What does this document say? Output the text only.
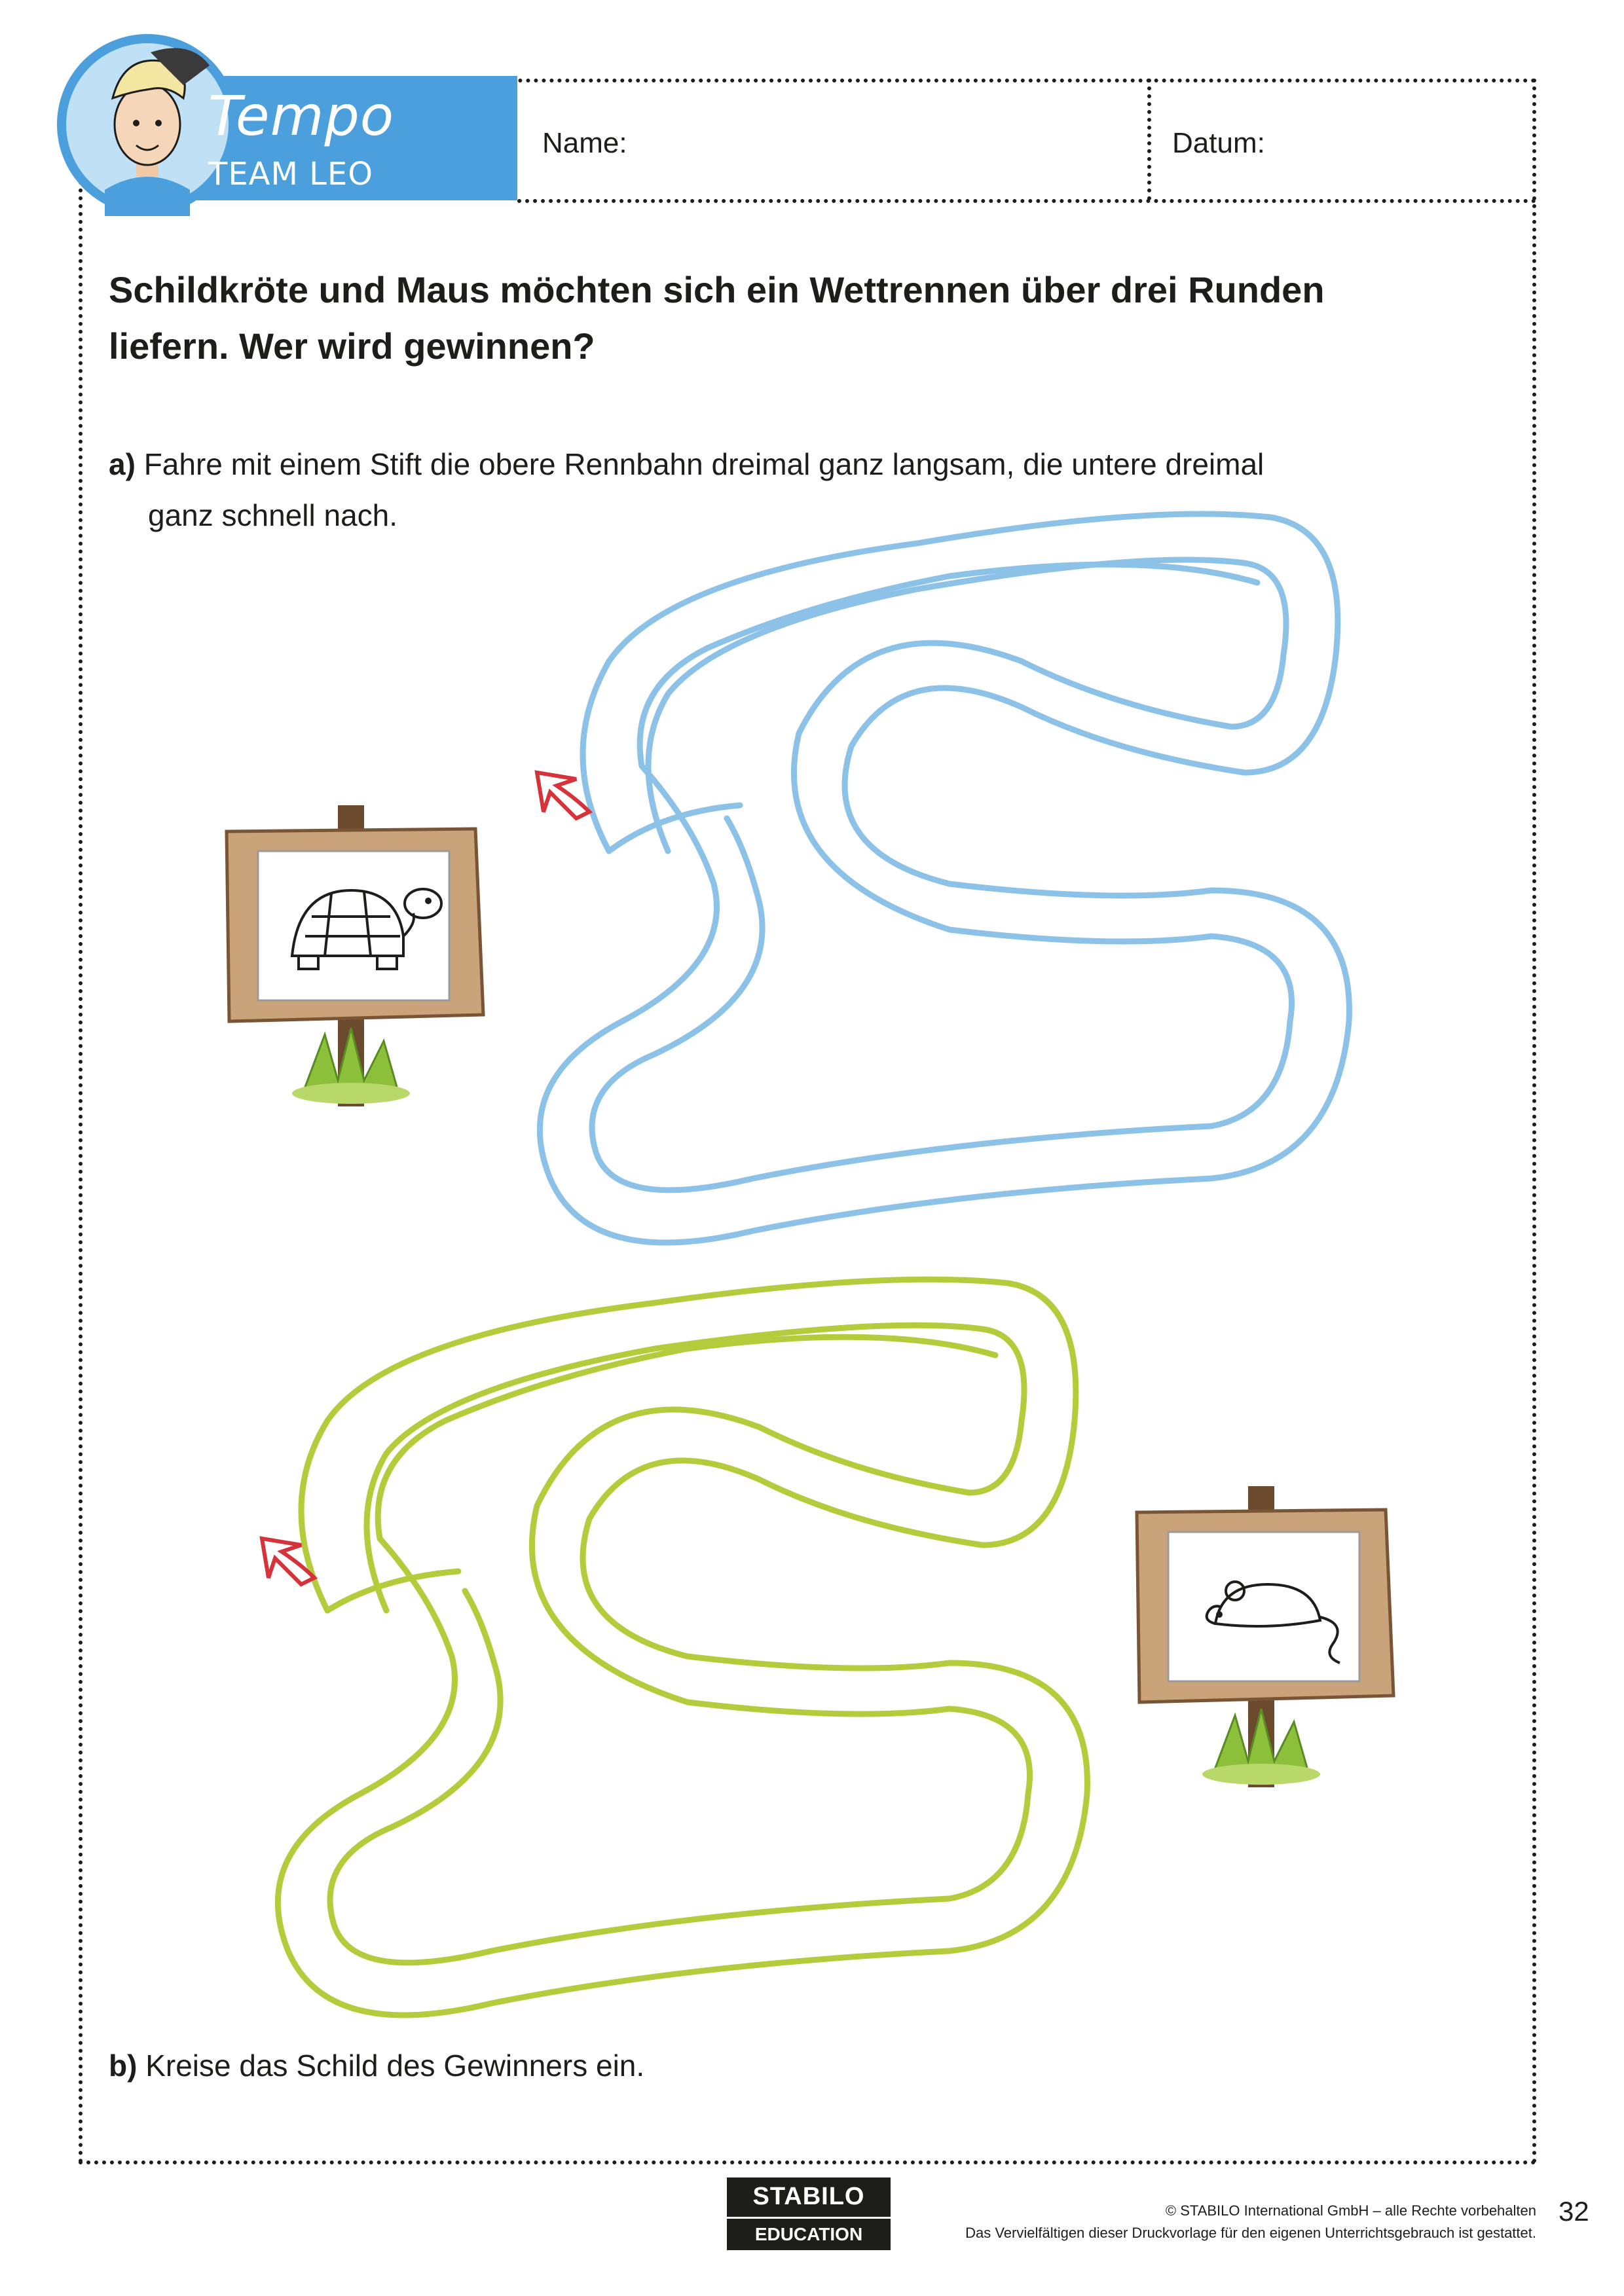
Tempo
TEAM LEO
Name:	Datum:
Schildkröte und Maus möchten sich ein Wettrennen über drei Runden
liefern. Wer wird gewinnen?
a) Fahre mit einem Stift die obere Rennbahn dreimal ganz langsam, die untere dreimal
ganz schnell nach.
b) Kreise das Schild des Gewinners ein.
STABILO
EDUCATION
© STABILO International GmbH – alle Rechte vorbehalten
Das Vervielfältigen dieser Druckvorlage für den eigenen Unterrichtsgebrauch ist gestattet.
32
